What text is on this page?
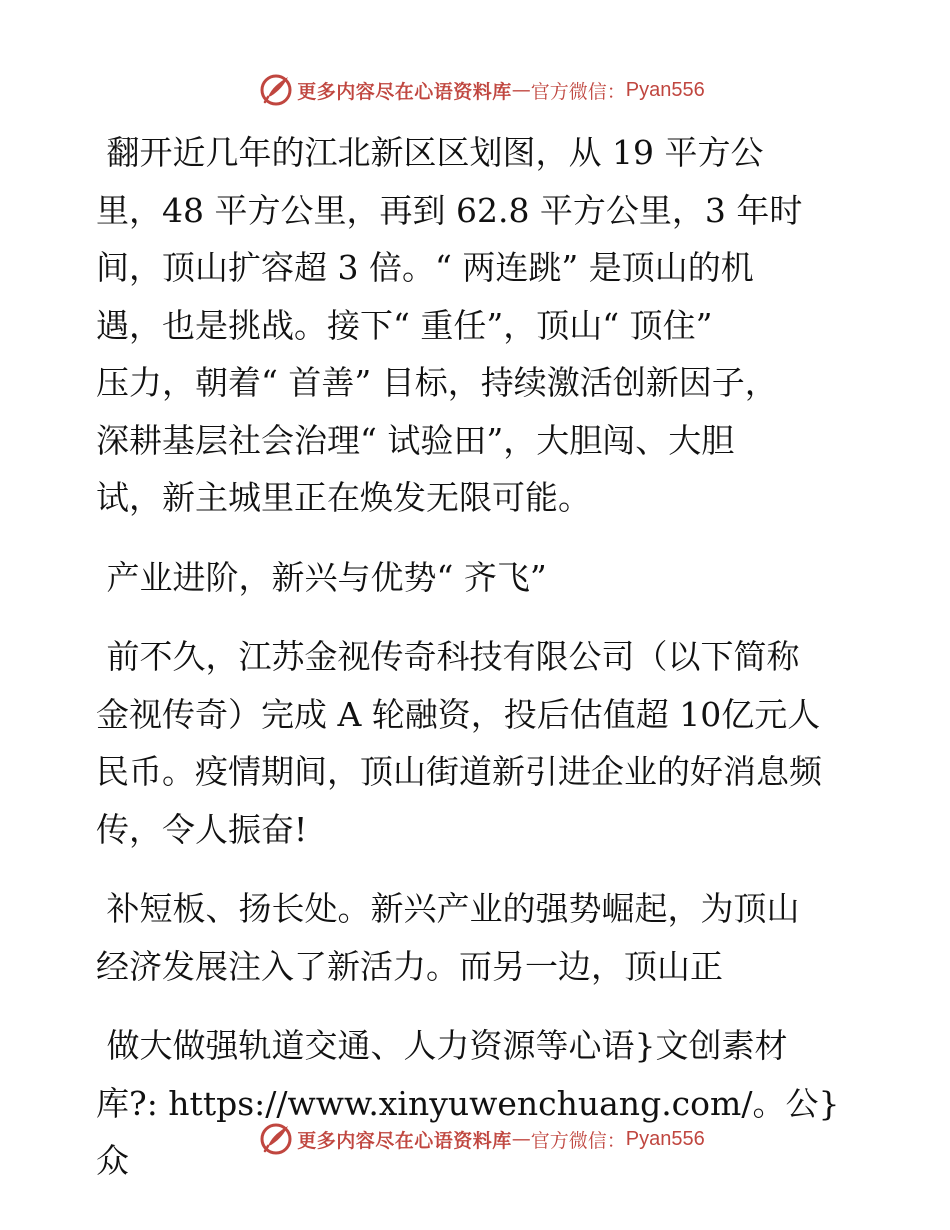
更多内容尽在心语资料库 — 官方微信： Pyan556
翻开近几年的江北新区区划图，从 19 平方公
里，48 平方公里，再到 62.8 平方公里，3 年时
间，顶山扩容超 3 倍。“ 两连跳” 是顶山的机
遇，也是挑战。接下“ 重任”，顶山“ 顶住”
压力，朝着“ 首善” 目标，持续激活创新因子，
深耕基层社会治理“ 试验田”，大胆闯、大胆
试，新主城里正在焕发无限可能。
产业进阶，新兴与优势“ 齐飞”
前不久，江苏金视传奇科技有限公司（以下简称
金视传奇）完成 A 轮融资，投后估值超 10亿元人
民币。疫情期间，顶山街道新引进企业的好消息频
传，令人振奋!
补短板、扬长处。新兴产业的强势崛起，为顶山
经济发展注入了新活力。而另一边，顶山正
做大做强轨道交通、人力资源等心语}文创素材
库?: https://www.xinyuwenchuang.com/。公}众
更多内容尽在心语资料库 — 官方微信： Pyan556
